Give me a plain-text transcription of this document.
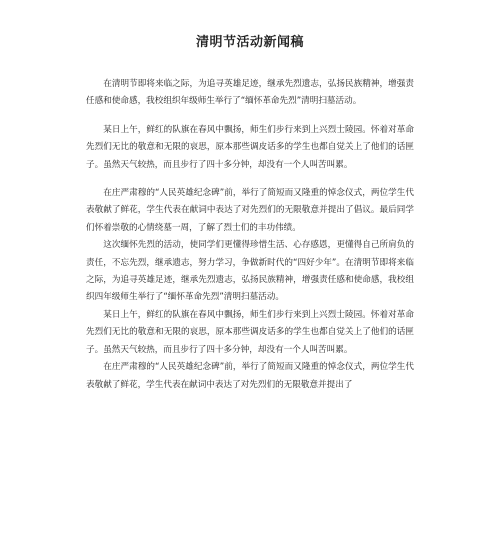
清明节活动新闻稿

在清明节即将来临之际，为追寻英雄足迹，继承先烈遗志，弘扬民族精神，增强责任感和使命感，我校组织年级师生举行了“缅怀革命先烈”清明扫墓活动。

某日上午，鲜红的队旗在春风中飘扬，师生们步行来到上兴烈士陵园。怀着对革命先烈们无比的敬意和无限的哀思，原本那些调皮话多的学生也都自觉关上了他们的话匣子。虽然天气较热，而且步行了四十多分钟，却没有一个人叫苦叫累。

在庄严肃穆的“人民英雄纪念碑”前，举行了简短而又隆重的悼念仪式，两位学生代表敬献了鲜花，学生代表在献词中表达了对先烈们的无限敬意并提出了倡议。最后同学们怀着崇敬的心情绕墓一周，了解了烈士们的丰功伟绩。

这次缅怀先烈的活动，使同学们更懂得珍惜生活、心存感恩，更懂得自己所肩负的责任，不忘先烈，继承遗志，努力学习，争做新时代的“四好少年”。在清明节即将来临之际，为追寻英雄足迹，继承先烈遗志，弘扬民族精神，增强责任感和使命感，我校组织四年级师生举行了“缅怀革命先烈”清明扫墓活动。

某日上午，鲜红的队旗在春风中飘扬，师生们步行来到上兴烈士陵园。怀着对革命先烈们无比的敬意和无限的哀思，原本那些调皮话多的学生也都自觉关上了他们的话匣子。虽然天气较热，而且步行了四十多分钟，却没有一个人叫苦叫累。

在庄严肃穆的“人民英雄纪念碑”前，举行了简短而又隆重的悼念仪式，两位学生代表敬献了鲜花，学生代表在献词中表达了对先烈们的无限敬意并提出了
